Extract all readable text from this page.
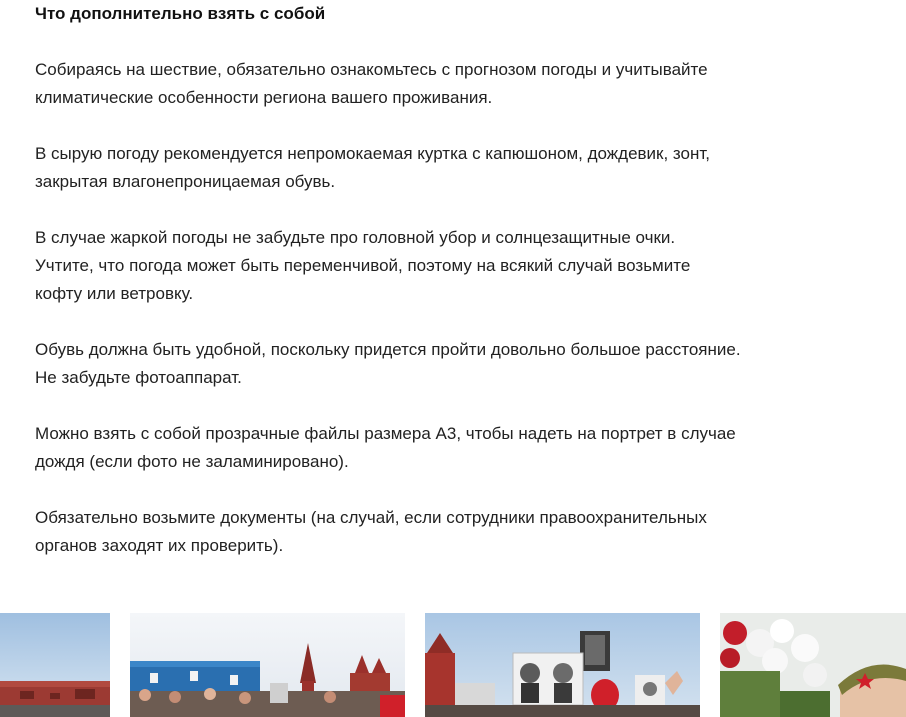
Что дополнительно взять с собой

Собираясь на шествие, обязательно ознакомьтесь с прогнозом погоды и учитывайте
климатические особенности региона вашего проживания.

В сырую погоду рекомендуется непромокаемая куртка с капюшоном, дождевик, зонт,
закрытая влагонепроницаемая обувь.

В случае жаркой погоды не забудьте про головной убор и солнцезащитные очки.
Учтите, что погода может быть переменчивой, поэтому на всякий случай возьмите
кофту или ветровку.

Обувь должна быть удобной, поскольку придется пройти довольно большое расстояние.
Не забудьте фотоаппарат.

Можно взять с собой прозрачные файлы размера А3, чтобы надеть на портрет в случае
дождя (если фото не заламинировано).

Обязательно возьмите документы (на случай, если сотрудники правоохранительных
органов заходят их проверить).
